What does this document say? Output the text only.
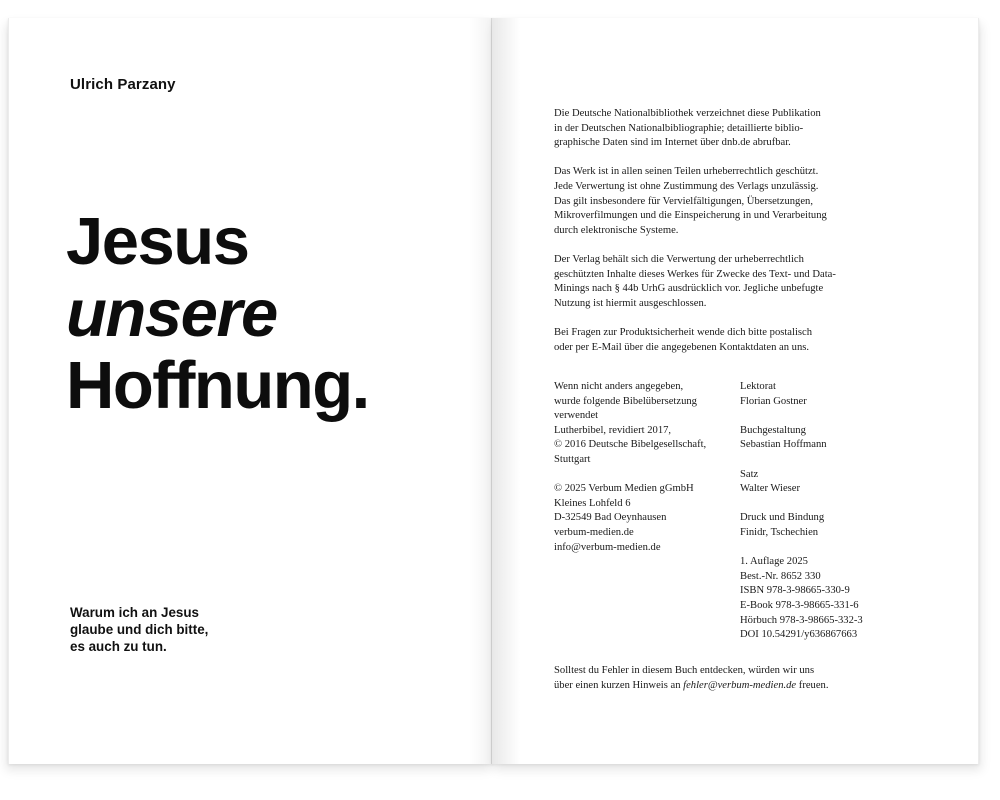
Ulrich Parzany
Jesus
unsere
Hoffnung.
Warum ich an Jesus
glaube und dich bitte,
es auch zu tun.
Die Deutsche Nationalbibliothek verzeichnet diese Publikation
in der Deutschen Nationalbibliographie; detaillierte biblio-
graphische Daten sind im Internet über dnb.de abrufbar.
Das Werk ist in allen seinen Teilen urheberrechtlich geschützt.
Jede Verwertung ist ohne Zustimmung des Verlags unzulässig.
Das gilt insbesondere für Vervielfältigungen, Übersetzungen,
Mikroverfilmungen und die Einspeicherung in und Verarbeitung
durch elektronische Systeme.
Der Verlag behält sich die Verwertung der urheberrechtlich
geschützten Inhalte dieses Werkes für Zwecke des Text- und Data-
Minings nach § 44b UrhG ausdrücklich vor. Jegliche unbefugte
Nutzung ist hiermit ausgeschlossen.
Bei Fragen zur Produktsicherheit wende dich bitte postalisch
oder per E-Mail über die angegebenen Kontaktdaten an uns.
Wenn nicht anders angegeben,
wurde folgende Bibelübersetzung
verwendet
Lutherbibel, revidiert 2017,
© 2016 Deutsche Bibelgesellschaft,
Stuttgart
© 2025 Verbum Medien gGmbH
Kleines Lohfeld 6
D-32549 Bad Oeynhausen
verbum-medien.de
info@verbum-medien.de
Lektorat
Florian Gostner
Buchgestaltung
Sebastian Hoffmann
Satz
Walter Wieser
Druck und Bindung
Finidr, Tschechien
1. Auflage 2025
Best.-Nr. 8652 330
ISBN 978-3-98665-330-9
E-Book 978-3-98665-331-6
Hörbuch 978-3-98665-332-3
DOI 10.54291/y636867663
Solltest du Fehler in diesem Buch entdecken, würden wir uns
über einen kurzen Hinweis an fehler@verbum-medien.de freuen.
